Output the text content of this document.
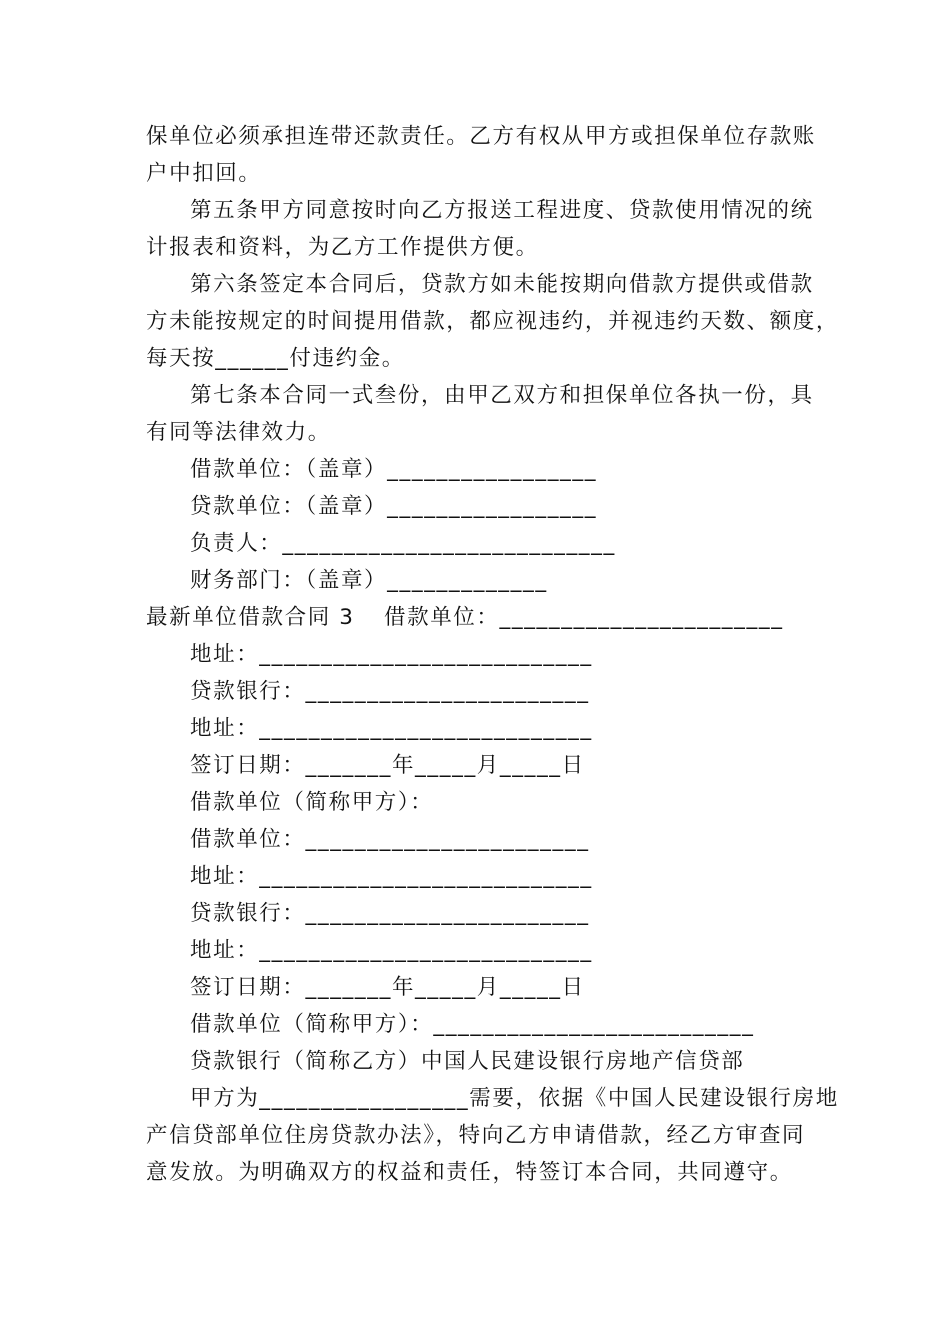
保单位必须承担连带还款责任。乙方有权从甲方或担保单位存款账
户中扣回。
第五条甲方同意按时向乙方报送工程进度、贷款使用情况的统
计报表和资料，为乙方工作提供方便。
第六条签定本合同后，贷款方如未能按期向借款方提供或借款
方未能按规定的时间提用借款，都应视违约，并视违约天数、额度，
每天按______付违约金。
第七条本合同一式叁份，由甲乙双方和担保单位各执一份，具
有同等法律效力。
借款单位：（盖章）_________________
贷款单位：（盖章）_________________
负责人：___________________________
财务部门：（盖章）_____________
最新单位借款合同 3 借款单位：_______________________
地址：___________________________
贷款银行：_______________________
地址：___________________________
签订日期：_______年_____月_____日
借款单位（简称甲方）：
借款单位：_______________________
地址：___________________________
贷款银行：_______________________
地址：___________________________
签订日期：_______年_____月_____日
借款单位（简称甲方）：__________________________
贷款银行（简称乙方）中国人民建设银行房地产信贷部
甲方为_________________需要，依据《中国人民建设银行房地
产信贷部单位住房贷款办法》，特向乙方申请借款，经乙方审查同
意发放。为明确双方的权益和责任，特签订本合同，共同遵守。
